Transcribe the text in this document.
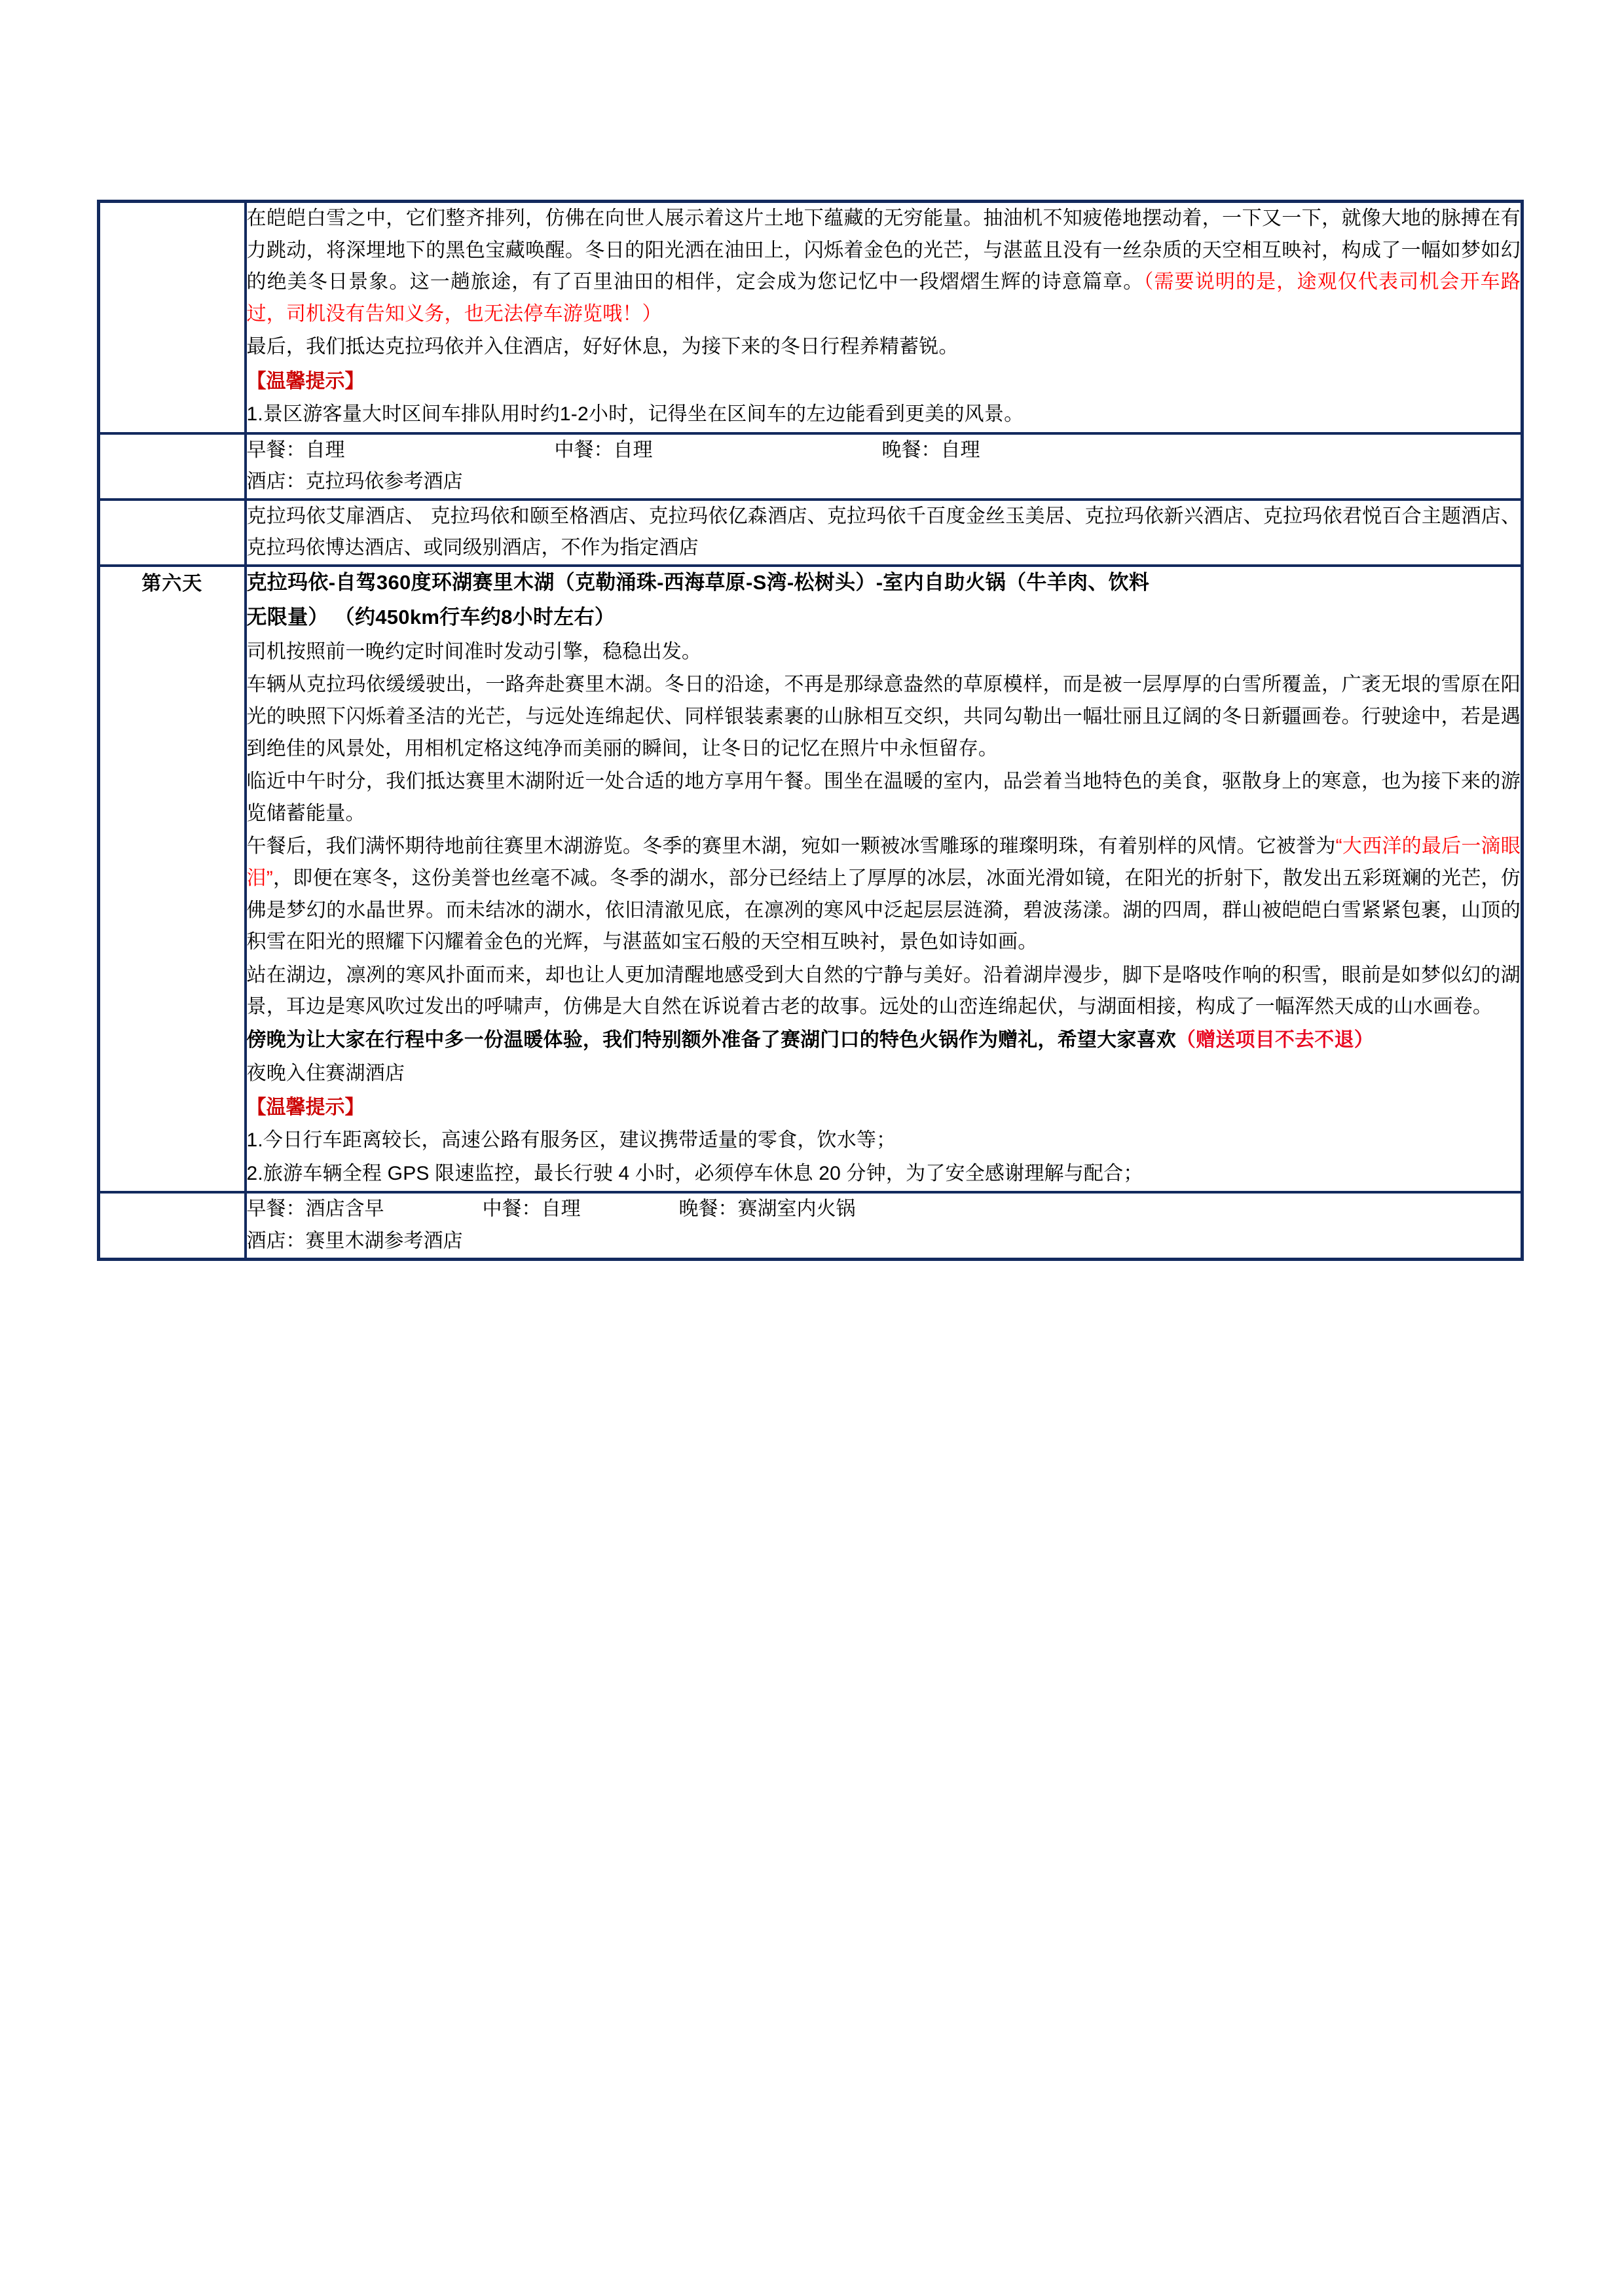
	在皑皑白雪之中，它们整齐排列，仿佛在向世人展示着这片土地下蕴藏的无穷能量。抽油机不知疲倦地摆动着，一下又一下，就像大地的脉搏在有力跳动，将深埋地下的黑色宝藏唤醒。冬日的阳光洒在油田上，闪烁着金色的光芒，与湛蓝且没有一丝杂质的天空相互映衬，构成了一幅如梦如幻的绝美冬日景象。这一趟旅途，有了百里油田的相伴，定会成为您记忆中一段熠熠生辉的诗意篇章。（需要说明的是，途观仅代表司机会开车路过，司机没有告知义务，也无法停车游览哦！）

最后，我们抵达克拉玛依并入住酒店，好好休息，为接下来的冬日行程养精蓄锐。

【温馨提示】

1.景区游客量大时区间车排队用时约1-2小时，记得坐在区间车的左边能看到更美的风景。

	早餐：自理 中餐：自理 晚餐：自理

酒店：克拉玛依参考酒店

	克拉玛依艾扉酒店、 克拉玛依和颐至格酒店、克拉玛依亿森酒店、克拉玛依千百度金丝玉美居、克拉玛依新兴酒店、克拉玛依君悦百合主题酒店、克拉玛依博达酒店、或同级别酒店，不作为指定酒店

第六天	克拉玛依-自驾360度环湖赛里木湖（克勒涌珠-西海草原-S湾-松树头）-室内自助火锅（牛羊肉、饮料

无限量） （约450km行车约8小时左右）

司机按照前一晚约定时间准时发动引擎，稳稳出发。

车辆从克拉玛依缓缓驶出，一路奔赴赛里木湖。冬日的沿途，不再是那绿意盎然的草原模样，而是被一层厚厚的白雪所覆盖，广袤无垠的雪原在阳光的映照下闪烁着圣洁的光芒，与远处连绵起伏、同样银装素裹的山脉相互交织，共同勾勒出一幅壮丽且辽阔的冬日新疆画卷。行驶途中，若是遇到绝佳的风景处，用相机定格这纯净而美丽的瞬间，让冬日的记忆在照片中永恒留存。

临近中午时分，我们抵达赛里木湖附近一处合适的地方享用午餐。围坐在温暖的室内，品尝着当地特色的美食，驱散身上的寒意，也为接下来的游览储蓄能量。

午餐后，我们满怀期待地前往赛里木湖游览。冬季的赛里木湖，宛如一颗被冰雪雕琢的璀璨明珠，有着别样的风情。它被誉为“大西洋的最后一滴眼泪”，即便在寒冬，这份美誉也丝毫不减。冬季的湖水，部分已经结上了厚厚的冰层，冰面光滑如镜，在阳光的折射下，散发出五彩斑斓的光芒，仿佛是梦幻的水晶世界。而未结冰的湖水，依旧清澈见底，在凛冽的寒风中泛起层层涟漪，碧波荡漾。湖的四周，群山被皑皑白雪紧紧包裹，山顶的积雪在阳光的照耀下闪耀着金色的光辉，与湛蓝如宝石般的天空相互映衬，景色如诗如画。

站在湖边，凛冽的寒风扑面而来，却也让人更加清醒地感受到大自然的宁静与美好。沿着湖岸漫步，脚下是咯吱作响的积雪，眼前是如梦似幻的湖景，耳边是寒风吹过发出的呼啸声，仿佛是大自然在诉说着古老的故事。远处的山峦连绵起伏，与湖面相接，构成了一幅浑然天成的山水画卷。

傍晚为让大家在行程中多一份温暖体验，我们特别额外准备了赛湖门口的特色火锅作为赠礼，希望大家喜欢（赠送项目不去不退）

夜晚入住赛湖酒店

【温馨提示】

1.今日行车距离较长，高速公路有服务区，建议携带适量的零食，饮水等；

2.旅游车辆全程 GPS 限速监控，最长行驶 4 小时，必须停车休息 20 分钟，为了安全感谢理解与配合；

	早餐：酒店含早 中餐：自理 晚餐：赛湖室内火锅

酒店：赛里木湖参考酒店
